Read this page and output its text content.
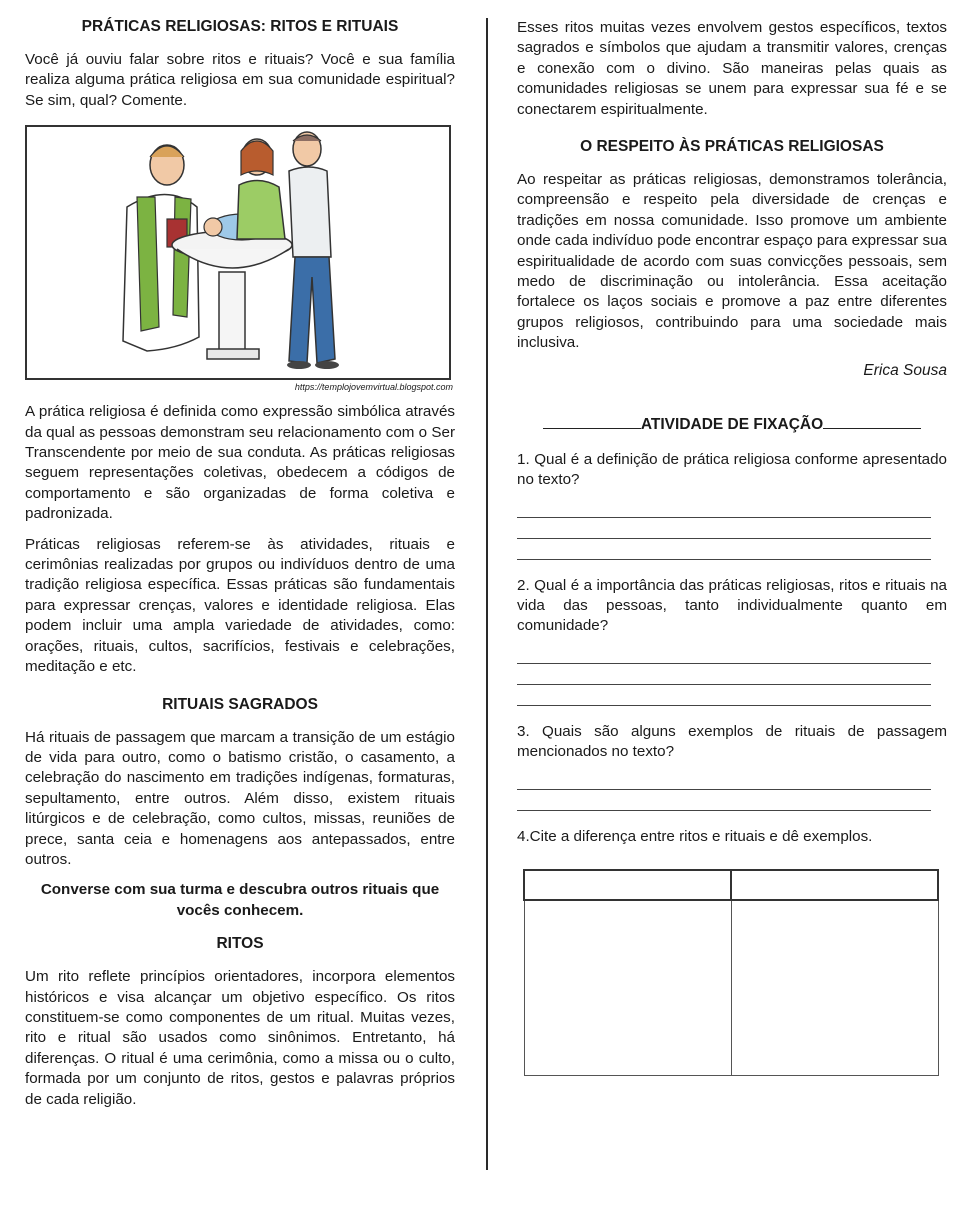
PRÁTICAS RELIGIOSAS: RITOS E RITUAIS

Você já ouviu falar sobre ritos e rituais? Você e sua família realiza alguma prática religiosa em sua comunidade espiritual? Se sim, qual? Comente.

https://templojovemvirtual.blogspot.com

A prática religiosa é definida como expressão simbólica através da qual as pessoas demonstram seu relacionamento com o Ser Transcendente por meio de sua conduta. As práticas religiosas seguem representações coletivas, obedecem a códigos de comportamento e são organizadas de forma coletiva e padronizada.

Práticas religiosas referem-se às atividades, rituais e cerimônias realizadas por grupos ou indivíduos dentro de uma tradição religiosa específica. Essas práticas são fundamentais para expressar crenças, valores e identidade religiosa. Elas podem incluir uma ampla variedade de atividades, como: orações, rituais, cultos, sacrifícios, festivais e celebrações, meditação e etc.

RITUAIS SAGRADOS

Há rituais de passagem que marcam a transição de um estágio de vida para outro, como o batismo cristão, o casamento, a celebração do nascimento em tradições indígenas, formaturas, sepultamento, entre outros. Além disso, existem rituais litúrgicos e de celebração, como cultos, missas, reuniões de prece, santa ceia e homenagens aos antepassados, entre outros.

Converse com sua turma e descubra outros rituais que vocês conhecem.

RITOS

Um rito reflete princípios orientadores, incorpora elementos históricos e visa alcançar um objetivo específico. Os ritos constituem-se como componentes de um ritual. Muitas vezes, rito e ritual são usados como sinônimos. Entretanto, há diferenças. O ritual é uma cerimônia, como a missa ou o culto, formada por um conjunto de ritos, gestos e palavras próprios de cada religião.

Esses ritos muitas vezes envolvem gestos específicos, textos sagrados e símbolos que ajudam a transmitir valores, crenças e conexão com o divino. São maneiras pelas quais as comunidades religiosas se unem para expressar sua fé e se conectarem espiritualmente.

O RESPEITO ÀS PRÁTICAS RELIGIOSAS

Ao respeitar as práticas religiosas, demonstramos tolerância, compreensão e respeito pela diversidade de crenças e tradições em nossa comunidade. Isso promove um ambiente onde cada indivíduo pode encontrar espaço para expressar sua espiritualidade de acordo com suas convicções pessoais, sem medo de discriminação ou intolerância. Essa aceitação fortalece os laços sociais e promove a paz entre diferentes grupos religiosos, contribuindo para uma sociedade mais inclusiva.

Erica Sousa
ATIVIDADE DE FIXAÇÃO

1. Qual é a definição de prática religiosa conforme apresentado no texto?

2. Qual é a importância das práticas religiosas, ritos e rituais na vida das pessoas, tanto individualmente quanto em comunidade?

3. Quais são alguns exemplos de rituais de passagem mencionados no texto?

4.Cite a diferença entre ritos e rituais e dê exemplos.
